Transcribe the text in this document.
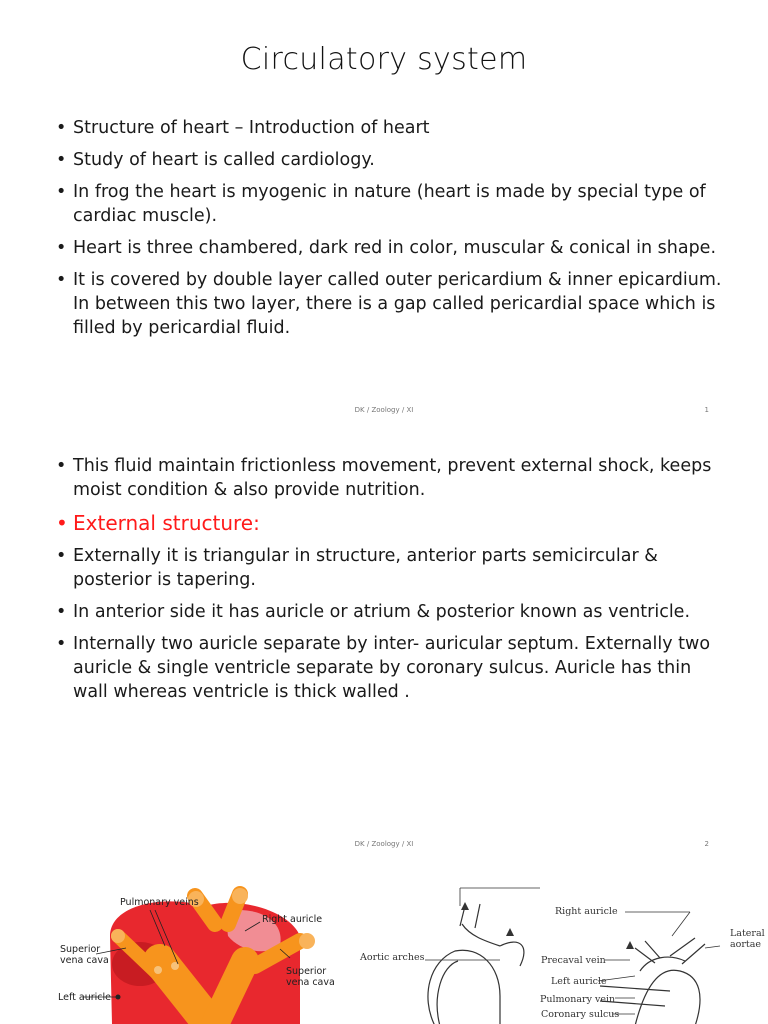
Circulatory system
• Structure of heart – Introduction of heart
• Study of heart is called cardiology.
• In frog the heart is myogenic in nature (heart is made by special type of cardiac muscle).
• Heart is three chambered, dark red in color, muscular & conical in shape.
• It is covered by double layer called outer pericardium & inner epicardium. In between this two layer, there is a gap called pericardial space which is filled by pericardial fluid.
DK / Zoology / XI	1
• This fluid maintain frictionless movement, prevent external shock, keeps moist condition & also provide nutrition.
• External structure:
• Externally it is triangular in structure, anterior parts semicircular & posterior is tapering.
• In anterior side it has auricle or atrium & posterior known as ventricle.
• Internally two auricle separate by inter- auricular septum. Externally two auricle & single ventricle separate by coronary sulcus. Auricle has thin wall whereas ventricle is thick walled .
DK / Zoology / XI	2
Pulmonary veins
Right auricle
Superior vena cava
Superior vena cava
Left auricle
Right auricle
Lateral aortae
Aortic arches	Precaval vein
Left auricle
Pulmonary vein
Coronary sulcus
